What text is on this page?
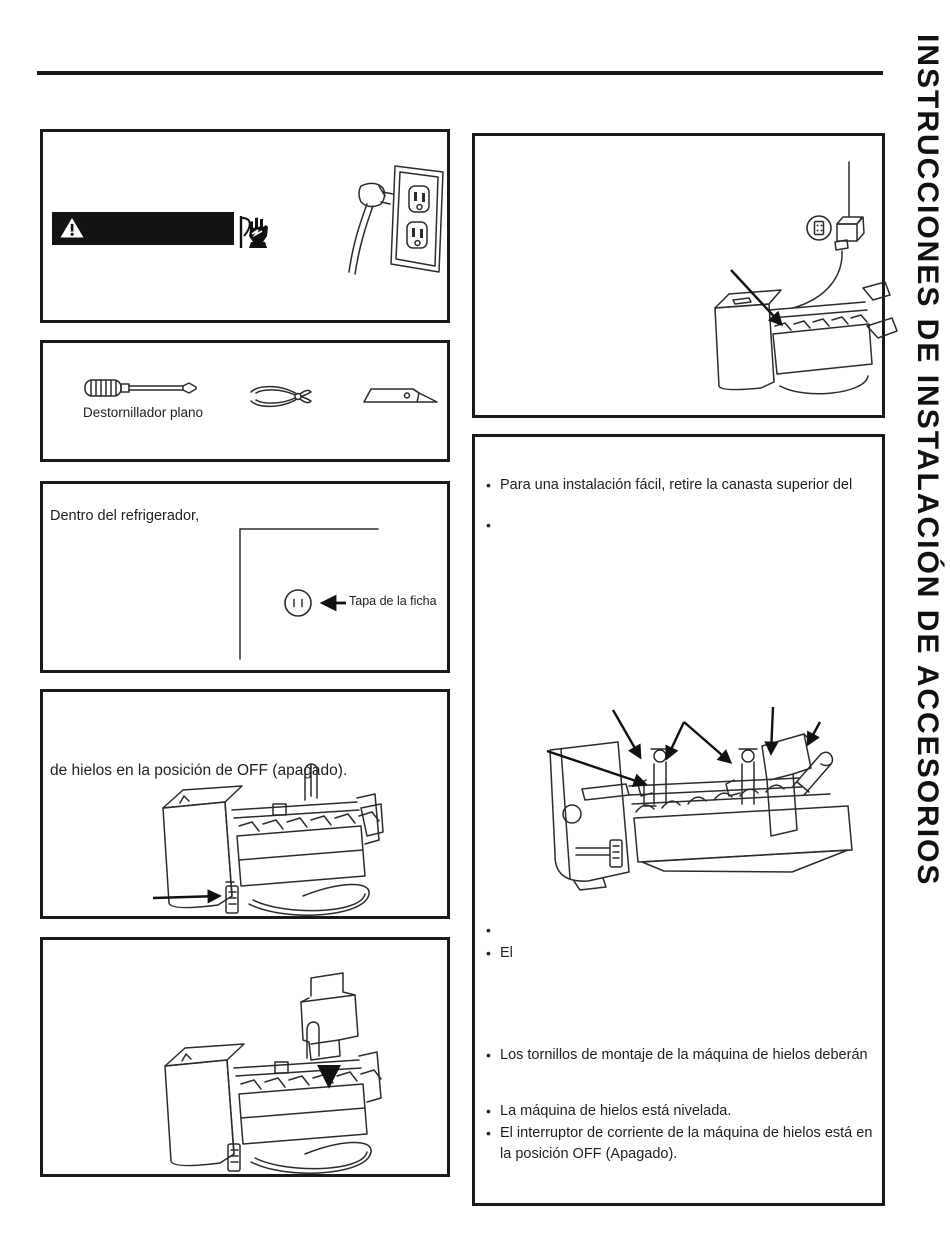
INSTRUCCIONES DE INSTALACIÓN DE ACCESORIOS
Destornillador plano
Dentro del refrigerador,
Tapa de la ficha
de hielos en la posición de OFF (apagado).
• Para una instalación fácil, retire la canasta superior del
•
•
• El
• Los tornillos de montaje de la máquina de hielos deberán
• La máquina de hielos está nivelada.
• El interruptor de corriente de la máquina de hielos está en la posición OFF (Apagado).
